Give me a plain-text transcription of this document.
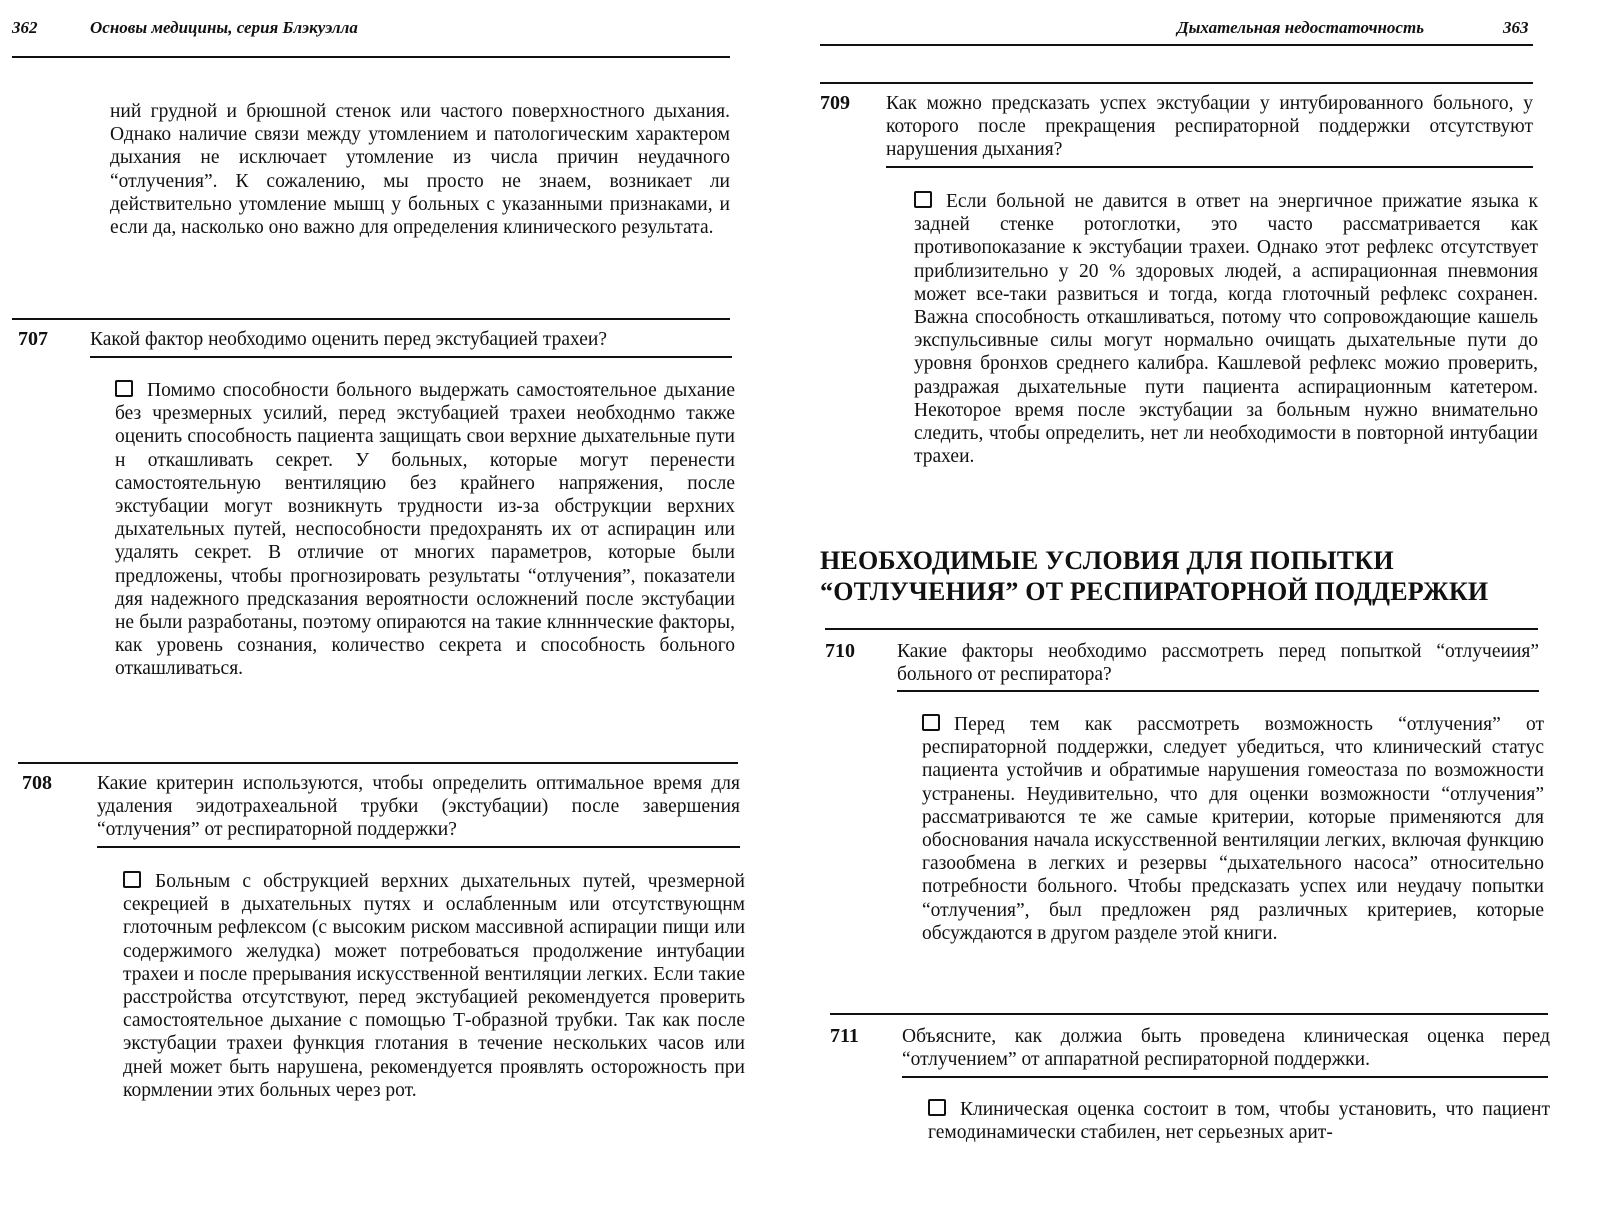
362	Основы медицины, серия Блэкуэлла
ний грудной и брюшной стенок или частого поверхностного дыхания. Однако наличие связи между утомлением и патологическим характером дыхания не исключает утомление из числа причин неудачного “отлучения”. К сожалению, мы просто не знаем, возникает ли действительно утомление мышц у больных с указанными признаками, и если да, насколько оно важно для определения клинического результата.
707 Какой фактор необходимо оценить перед экстубацией трахеи?
Помимо способности больного выдержать самостоятельное дыхание без чрезмерных усилий, перед экстубацией трахеи необходнмо также оценить способность пациента защищать свои верхние дыхательные пути н откашливать секрет. У больных, которые могут перенести самостоятельную вентиляцию без крайнего напряжения, после экстубации могут возникнуть трудности из-за обструкции верхних дыхательных путей, неспособности предохранять их от аспирацин или удалять секрет. В отличие от многих параметров, которые были предложены, чтобы прогнозировать результаты “отлучения”, показатели дяя надежного предсказания вероятности осложнений после экстубации не были разработаны, поэтому опираются на такие клнннческие факторы, как уровень сознания, количество секрета и способность больного откашливаться.
708 Какие критерин используются, чтобы определить оптимальное время для удаления эидотрахеальной трубки (экстубации) после завершения “отлучения” от респираторной поддержки?
Больным с обструкцией верхних дыхательных путей, чрезмерной секрецией в дыхательных путях и ослабленным или отсутствующнм глоточным рефлексом (с высоким риском массивной аспирации пищи или содержимого желудка) может потребоваться продолжение интубации трахеи и после прерывания искусственной вентиляции легких. Если такие расстройства отсутствуют, перед экстубацией рекомендуется проверить самостоятельное дыхание с помощью Т-образной трубки. Так как после экстубации трахеи функция глотания в течение нескольких часов или дней может быть нарушена, рекомендуется проявлять осторожность при кормлении этих больных через рот.
Дыхательная недостаточность	363
709 Как можно предсказать успех экстубации у интубированного больного, у которого после прекращения респираторной поддержки отсутствуют нарушения дыхания?
Если больной не давится в ответ на энергичное прижатие языка к задней стенке ротоглотки, это часто рассматривается как противопоказание к экстубации трахеи. Однако этот рефлекс отсутствует приблизительно у 20 % здоровых людей, а аспирационная пневмония может все-таки развиться и тогда, когда глоточный рефлекс сохранен. Важна способность откашливаться, потому что сопровождающие кашель экспульсивные силы могут нормально очищать дыхательные пути до уровня бронхов среднего калибра. Кашлевой рефлекс можио проверить, раздражая дыхательные пути пациента аспирационным катетером. Некоторое время после экстубации за больным нужно внимательно следить, чтобы определить, нет ли необходимости в повторной интубации трахеи.
НЕОБХОДИМЫЕ УСЛОВИЯ ДЛЯ ПОПЫТКИ
“ОТЛУЧЕНИЯ” ОТ РЕСПИРАТОРНОЙ ПОДДЕРЖКИ
710 Какие факторы необходимо рассмотреть перед попыткой “отлучеиия” больного от респиратора?
Перед тем как рассмотреть возможность “отлучения” от респираторной поддержки, следует убедиться, что клинический статус пациента устойчив и обратимые нарушения гомеостаза по возможности устранены. Неудивительно, что для оценки возможности “отлучения” рассматриваются те же самые критерии, которые применяются для обоснования начала искусственной вентиляции легких, включая функцию газообмена в легких и резервы “дыхательного насоса” относительно потребности больного. Чтобы предсказать успех или неудачу попытки “отлучения”, был предложен ряд различных критериев, которые обсуждаются в другом разделе этой книги.
711 Объясните, как должиа быть проведена клиническая оценка перед “отлучением” от аппаратной респираторной поддержки.
Клиническая оценка состоит в том, чтобы установить, что пациент гемодинамически стабилен, нет серьезных арит-
